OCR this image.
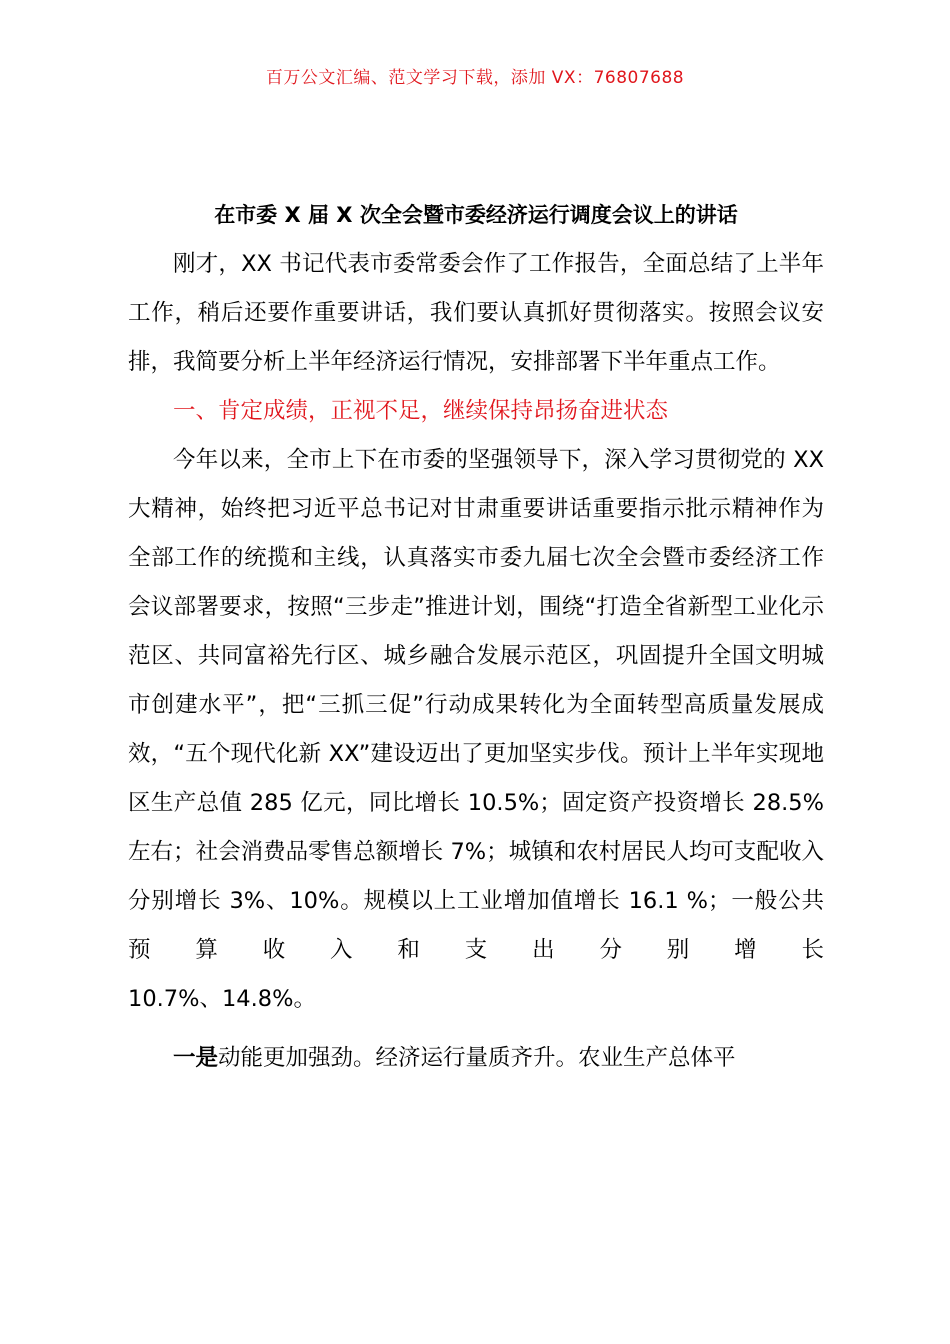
百万公文汇编、范文学习下载，添加 VX：76807688
在市委 X 届 X 次全会暨市委经济运行调度会议上的讲话

刚才，XX 书记代表市委常委会作了工作报告，全面总结了上半年工作，稍后还要作重要讲话，我们要认真抓好贯彻落实。按照会议安排，我简要分析上半年经济运行情况，安排部署下半年重点工作。

一、肯定成绩，正视不足，继续保持昂扬奋进状态

今年以来，全市上下在市委的坚强领导下，深入学习贯彻党的 XX 大精神，始终把习近平总书记对甘肃重要讲话重要指示批示精神作为全部工作的统揽和主线，认真落实市委九届七次全会暨市委经济工作会议部署要求，按照“三步走”推进计划，围绕“打造全省新型工业化示范区、共同富裕先行区、城乡融合发展示范区，巩固提升全国文明城市创建水平”，把“三抓三促”行动成果转化为全面转型高质量发展成效，“五个现代化新 XX”建设迈出了更加坚实步伐。预计上半年实现地区生产总值 285 亿元，同比增长 10.5%；固定资产投资增长 28.5%左右；社会消费品零售总额增长 7%；城镇和农村居民人均可支配收入分别增长 3%、10%。规模以上工业增加值增长 16.1 %；一般公共预算收入和支出分别增长

10.7%、14.8%。

一是动能更加强劲。经济运行量质齐升。农业生产总体平
